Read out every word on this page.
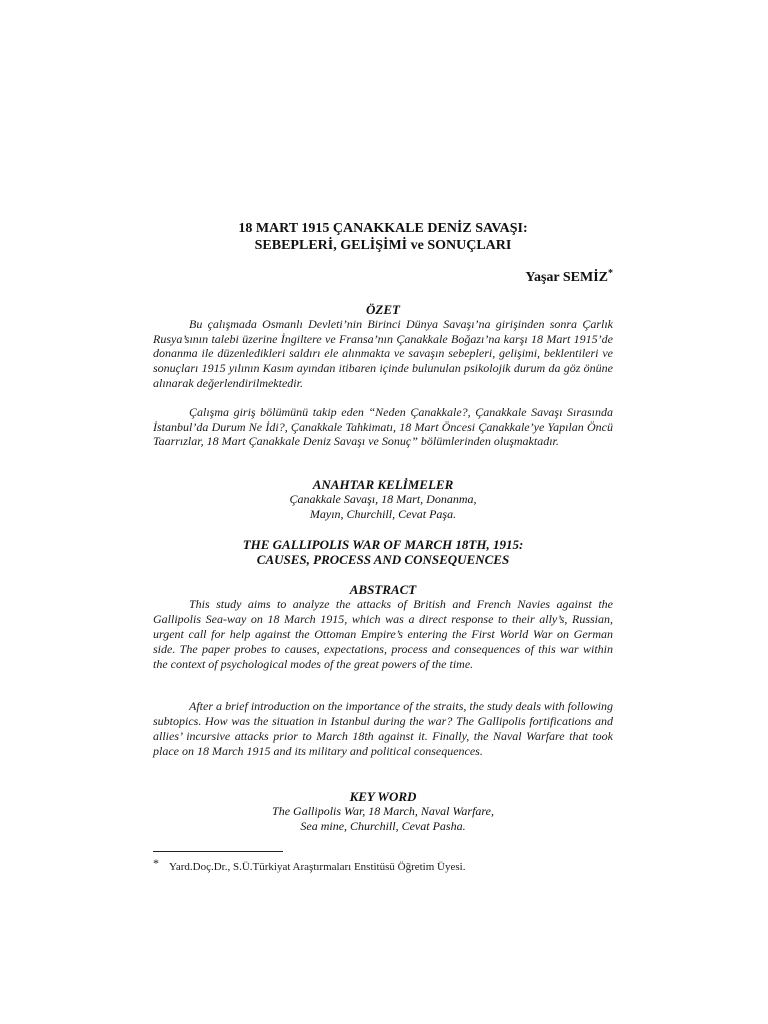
18 MART 1915 ÇANAKKALE DENİZ SAVAŞI:
SEBEPLERİ, GELİŞİMİ ve SONUÇLARI
Yaşar SEMİZ*
ÖZET

Bu çalışmada Osmanlı Devleti’nin Birinci Dünya Savaşı’na girişinden sonra Çarlık Rusya’sının talebi üzerine İngiltere ve Fransa’nın Çanakkale Boğazı’na karşı 18 Mart 1915’de donanma ile düzenledikleri saldırı ele alınmakta ve savaşın sebepleri, gelişimi, beklentileri ve sonuçları 1915 yılının Kasım ayından itibaren içinde bulunulan psikolojik durum da göz önüne alınarak değerlendirilmektedir.

Çalışma giriş bölümünü takip eden “Neden Çanakkale?, Çanakkale Savaşı Sırasında İstanbul’da Durum Ne İdi?, Çanakkale Tahkimatı, 18 Mart Öncesi Çanakkale’ye Yapılan Öncü Taarrızlar, 18 Mart Çanakkale Deniz Savaşı ve Sonuç” bölümlerinden oluşmaktadır.

ANAHTAR KELİMELER
Çanakkale Savaşı, 18 Mart, Donanma,
Mayın, Churchill, Cevat Paşa.
THE GALLIPOLIS WAR OF MARCH 18TH, 1915:
CAUSES, PROCESS AND CONSEQUENCES
ABSTRACT

This study aims to analyze the attacks of British and French Navies against the Gallipolis Sea-way on 18 March 1915, which was a direct response to their ally’s, Russian, urgent call for help against the Ottoman Empire’s entering the First World War on German side. The paper probes to causes, expectations, process and consequences of this war within the context of psychological modes of the great powers of the time.

After a brief introduction on the importance of the straits, the study deals with following subtopics. How was the situation in Istanbul during the war? The Gallipolis fortifications and allies’ incursive attacks prior to March 18th against it. Finally, the Naval Warfare that took place on 18 March 1915 and its military and political consequences.

KEY WORD
The Gallipolis War, 18 March, Naval Warfare,
Sea mine, Churchill, Cevat Pasha.
* Yard.Doç.Dr., S.Ü.Türkiyat Araştırmaları Enstitüsü Öğretim Üyesi.
